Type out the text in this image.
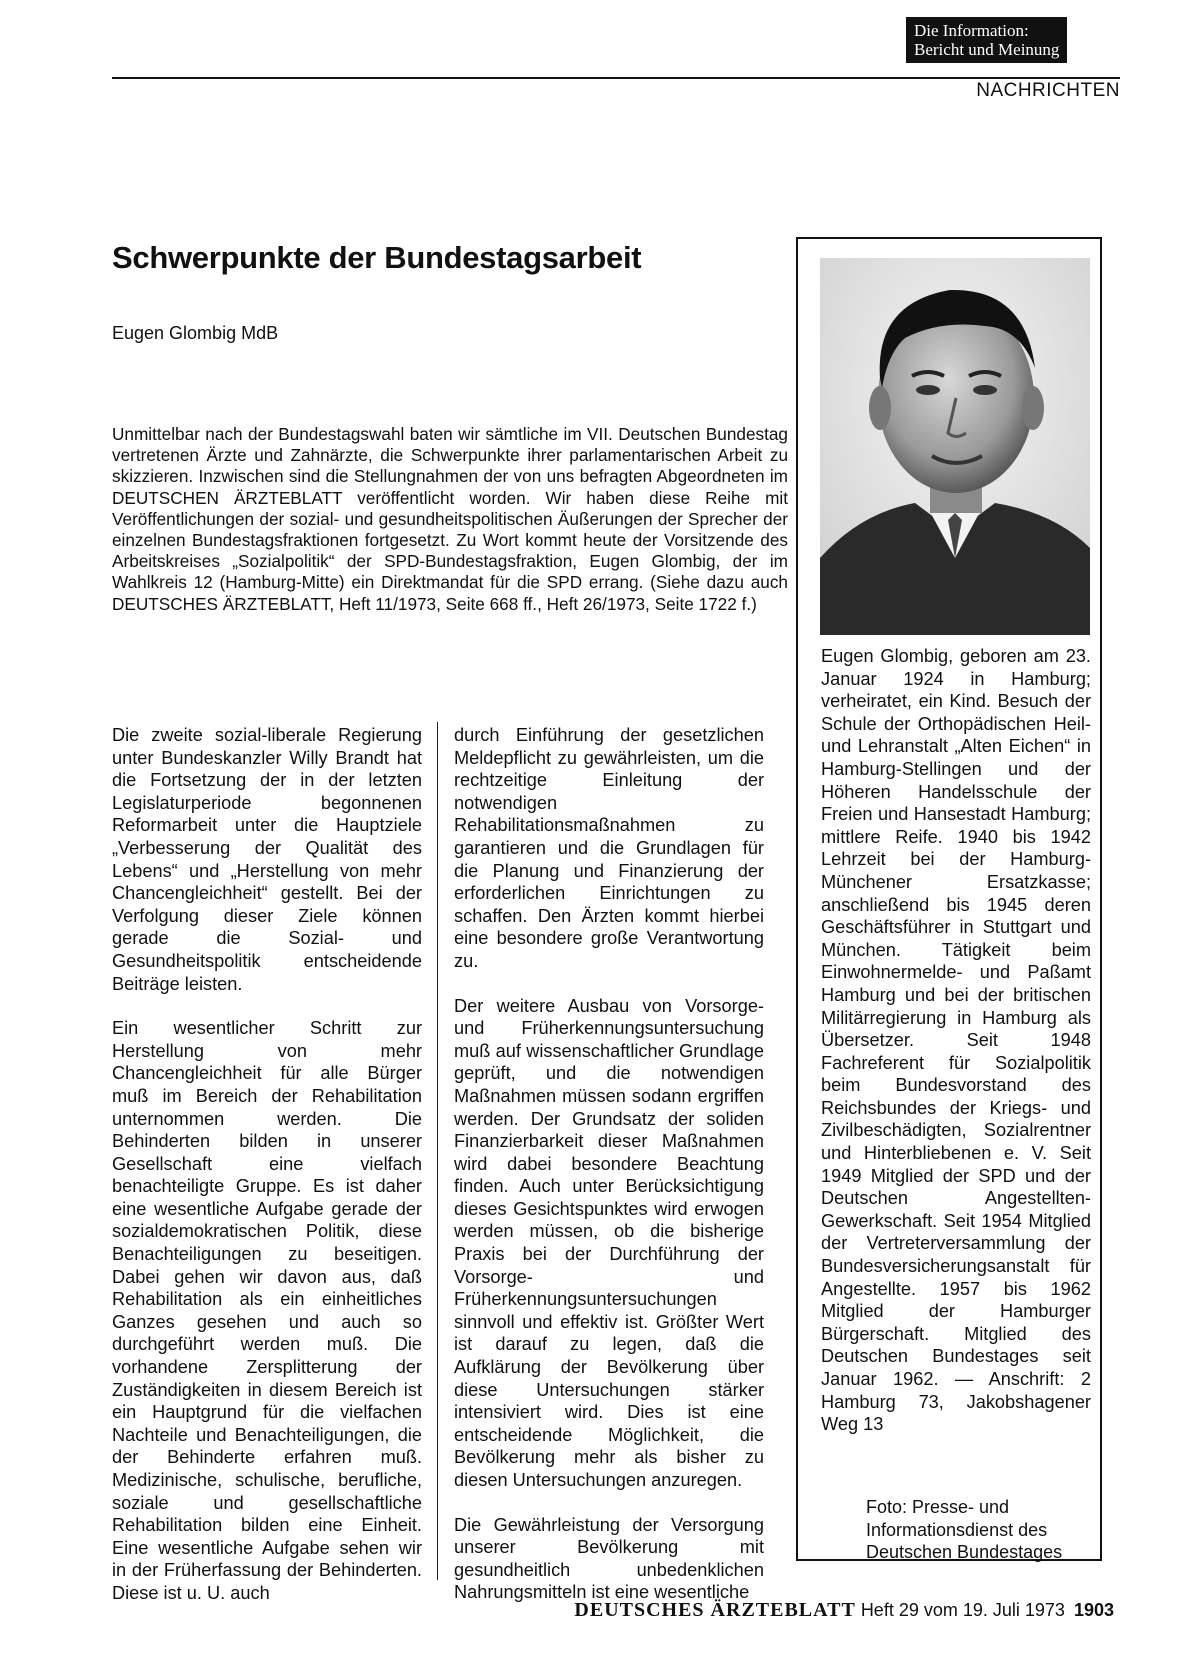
Die Information:
Bericht und Meinung
NACHRICHTEN
Schwerpunkte der Bundestagsarbeit
Eugen Glombig MdB
Unmittelbar nach der Bundestagswahl baten wir sämtliche im VII. Deutschen Bundestag vertretenen Ärzte und Zahnärzte, die Schwerpunkte ihrer parlamentarischen Arbeit zu skizzieren. Inzwischen sind die Stellungnahmen der von uns befragten Abgeordneten im DEUTSCHEN ÄRZTEBLATT veröffentlicht worden. Wir haben diese Reihe mit Veröffentlichungen der sozial- und gesundheitspolitischen Äußerungen der Sprecher der einzelnen Bundestagsfraktionen fortgesetzt. Zu Wort kommt heute der Vorsitzende des Arbeitskreises „Sozialpolitik“ der SPD-Bundestagsfraktion, Eugen Glombig, der im Wahlkreis 12 (Hamburg-Mitte) ein Direktmandat für die SPD errang. (Siehe dazu auch DEUTSCHES ÄRZTEBLATT, Heft 11/1973, Seite 668 ff., Heft 26/1973, Seite 1722 f.)

Die zweite sozial-liberale Regierung unter Bundeskanzler Willy Brandt hat die Fortsetzung der in der letzten Legislaturperiode begonnenen Reformarbeit unter die Hauptziele „Verbesserung der Qualität des Lebens“ und „Herstellung von mehr Chancengleichheit“ gestellt. Bei der Verfolgung dieser Ziele können gerade die Sozial- und Gesundheitspolitik entscheidende Beiträge leisten.

Ein wesentlicher Schritt zur Herstellung von mehr Chancengleichheit für alle Bürger muß im Bereich der Rehabilitation unternommen werden. Die Behinderten bilden in unserer Gesellschaft eine vielfach benachteiligte Gruppe. Es ist daher eine wesentliche Aufgabe gerade der sozialdemokratischen Politik, diese Benachteiligungen zu beseitigen. Dabei gehen wir davon aus, daß Rehabilitation als ein einheitliches Ganzes gesehen und auch so durchgeführt werden muß. Die vorhandene Zersplitterung der Zuständigkeiten in diesem Bereich ist ein Hauptgrund für die vielfachen Nachteile und Benachteiligungen, die der Behinderte erfahren muß. Medizinische, schulische, berufliche, soziale und gesellschaftliche Rehabilitation bilden eine Einheit. Eine wesentliche Aufgabe sehen wir in der Früherfassung der Behinderten. Diese ist u. U. auch

durch Einführung der gesetzlichen Meldepflicht zu gewährleisten, um die rechtzeitige Einleitung der notwendigen Rehabilitationsmaßnahmen zu garantieren und die Grundlagen für die Planung und Finanzierung der erforderlichen Einrichtungen zu schaffen. Den Ärzten kommt hierbei eine besondere große Verantwortung zu.

Der weitere Ausbau von Vorsorge- und Früherkennungsuntersuchung muß auf wissenschaftlicher Grundlage geprüft, und die notwendigen Maßnahmen müssen sodann ergriffen werden. Der Grundsatz der soliden Finanzierbarkeit dieser Maßnahmen wird dabei besondere Beachtung finden. Auch unter Berücksichtigung dieses Gesichtspunktes wird erwogen werden müssen, ob die bisherige Praxis bei der Durchführung der Vorsorge- und Früherkennungsuntersuchungen sinnvoll und effektiv ist. Größter Wert ist darauf zu legen, daß die Aufklärung der Bevölkerung über diese Untersuchungen stärker intensiviert wird. Dies ist eine entscheidende Möglichkeit, die Bevölkerung mehr als bisher zu diesen Untersuchungen anzuregen.

Die Gewährleistung der Versorgung unserer Bevölkerung mit gesundheitlich unbedenklichen Nahrungsmitteln ist eine wesentliche

Eugen Glombig, geboren am 23. Januar 1924 in Hamburg; verheiratet, ein Kind. Besuch der Schule der Orthopädischen Heil- und Lehranstalt „Alten Eichen“ in Hamburg-Stellingen und der Höheren Handelsschule der Freien und Hansestadt Hamburg; mittlere Reife. 1940 bis 1942 Lehrzeit bei der Hamburg-Münchener Ersatzkasse; anschließend bis 1945 deren Geschäftsführer in Stuttgart und München. Tätigkeit beim Einwohnermelde- und Paßamt Hamburg und bei der britischen Militärregierung in Hamburg als Übersetzer. Seit 1948 Fachreferent für Sozialpolitik beim Bundesvorstand des Reichsbundes der Kriegs- und Zivilbeschädigten, Sozialrentner und Hinterbliebenen e. V. Seit 1949 Mitglied der SPD und der Deutschen Angestellten-Gewerkschaft. Seit 1954 Mitglied der Vertreterversammlung der Bundesversicherungsanstalt für Angestellte. 1957 bis 1962 Mitglied der Hamburger Bürgerschaft. Mitglied des Deutschen Bundestages seit Januar 1962. — Anschrift: 2 Hamburg 73, Jakobshagener Weg 13
Foto: Presse- und Informationsdienst des Deutschen Bundestages
DEUTSCHES ÄRZTEBLATT Heft 29 vom 19. Juli 1973 1903
